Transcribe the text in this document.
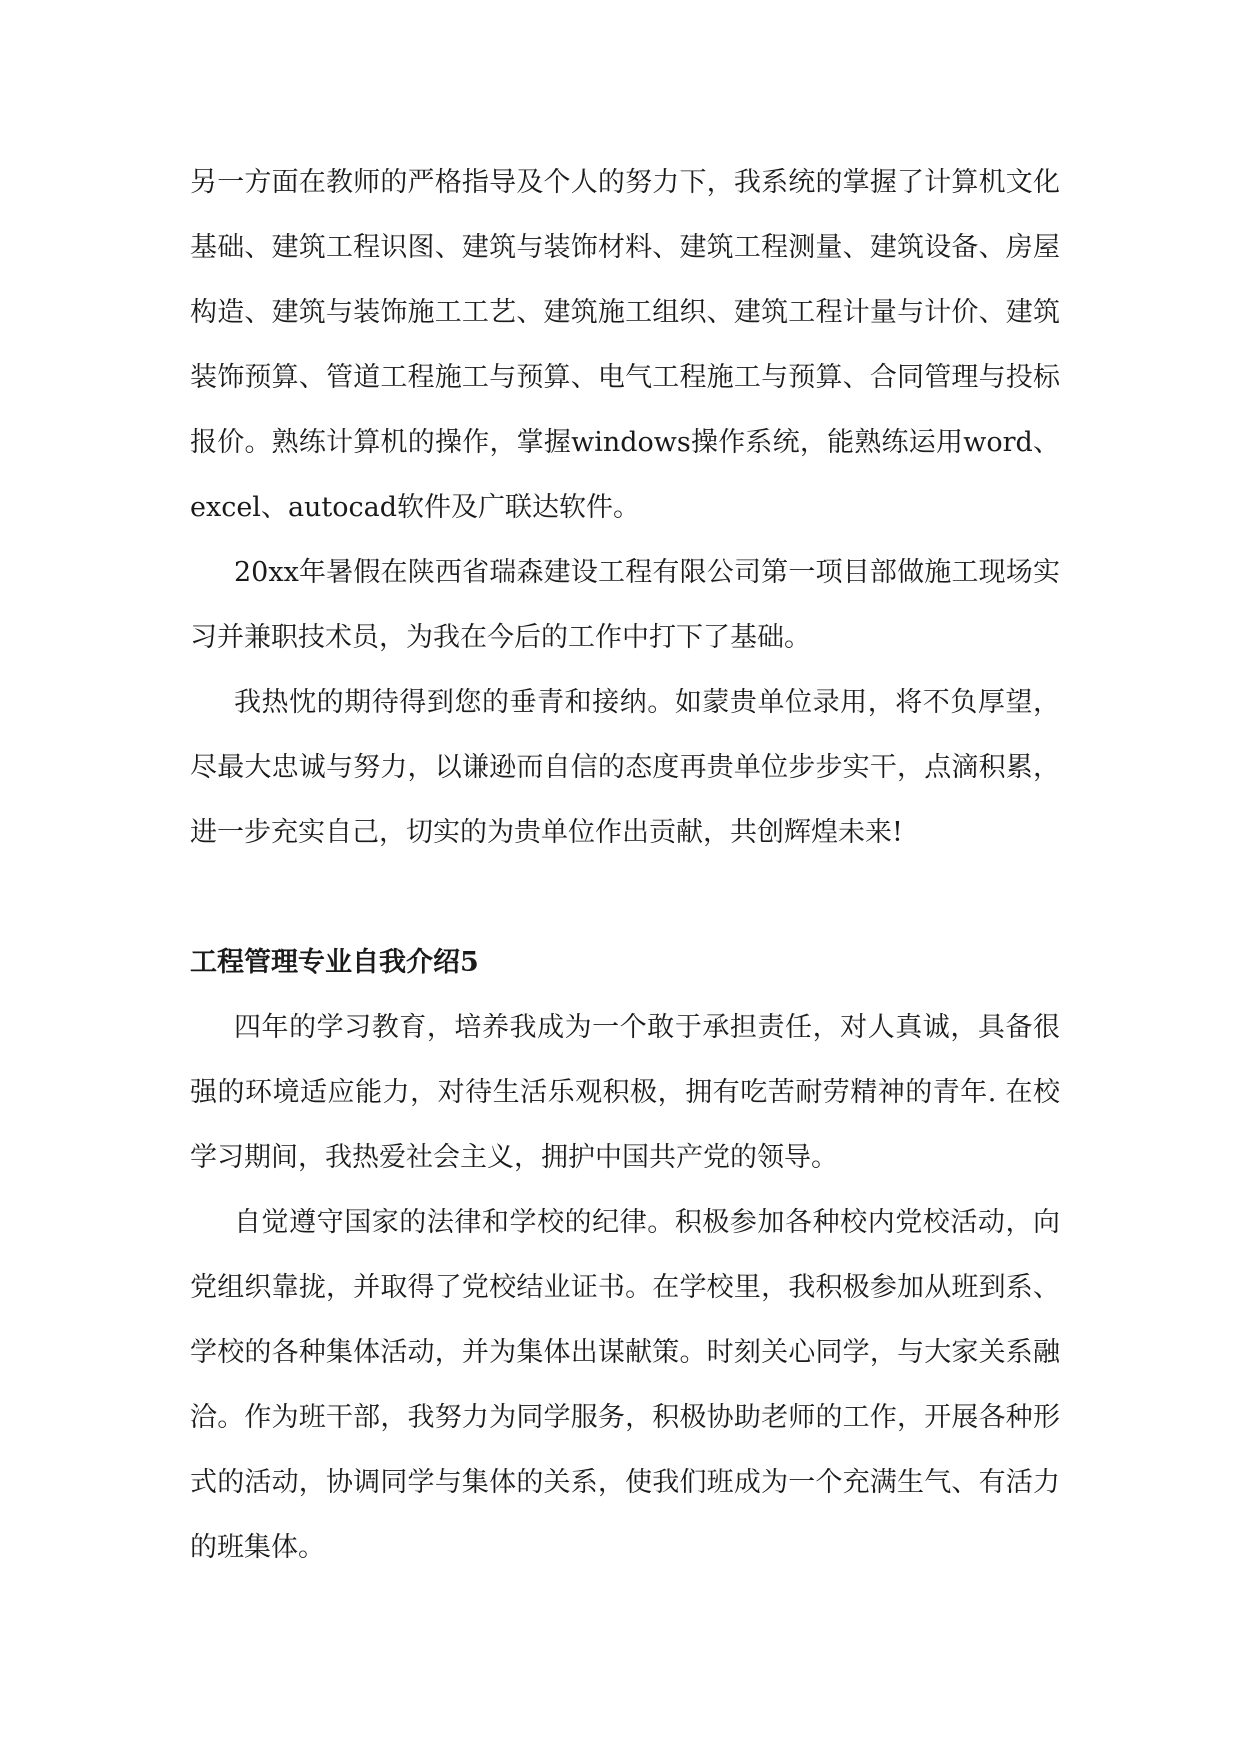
另一方面在教师的严格指导及个人的努力下，我系统的掌握了计算机文化基础、建筑工程识图、建筑与装饰材料、建筑工程测量、建筑设备、房屋构造、建筑与装饰施工工艺、建筑施工组织、建筑工程计量与计价、建筑装饰预算、管道工程施工与预算、电气工程施工与预算、合同管理与投标报价。熟练计算机的操作，掌握windows操作系统，能熟练运用word、excel、autocad软件及广联达软件。

20xx年暑假在陕西省瑞森建设工程有限公司第一项目部做施工现场实习并兼职技术员，为我在今后的工作中打下了基础。

我热忱的期待得到您的垂青和接纳。如蒙贵单位录用，将不负厚望，尽最大忠诚与努力，以谦逊而自信的态度再贵单位步步实干，点滴积累，进一步充实自己，切实的为贵单位作出贡献，共创辉煌未来!

工程管理专业自我介绍5

四年的学习教育，培养我成为一个敢于承担责任，对人真诚，具备很强的环境适应能力，对待生活乐观积极，拥有吃苦耐劳精神的青年. 在校学习期间，我热爱社会主义，拥护中国共产党的领导。

自觉遵守国家的法律和学校的纪律。积极参加各种校内党校活动，向党组织靠拢，并取得了党校结业证书。在学校里，我积极参加从班到系、学校的各种集体活动，并为集体出谋献策。时刻关心同学，与大家关系融洽。作为班干部，我努力为同学服务，积极协助老师的工作，开展各种形式的活动，协调同学与集体的关系，使我们班成为一个充满生气、有活力的班集体。
